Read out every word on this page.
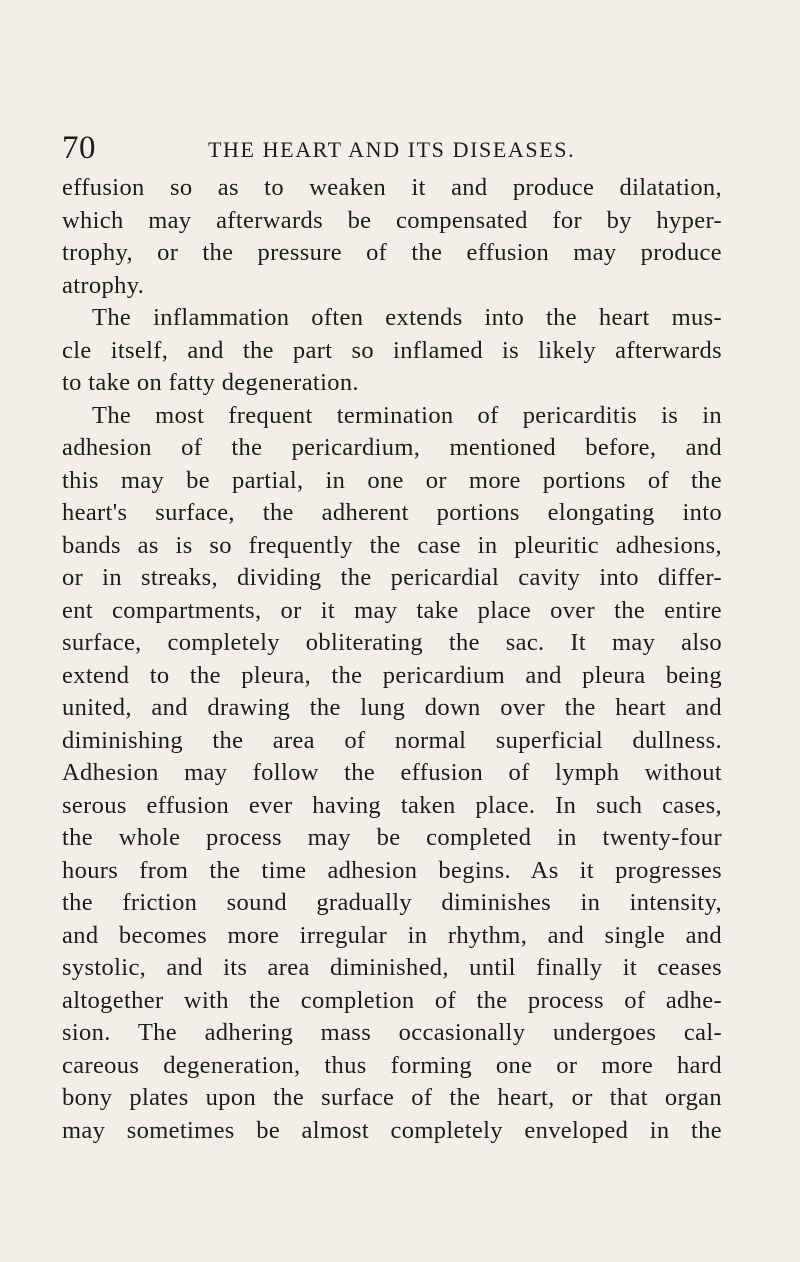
70	THE HEART AND ITS DISEASES.
effusion so as to weaken it and produce dilatation,
which may afterwards be compensated for by hyper-
trophy, or the pressure of the effusion may produce
atrophy.
The inflammation often extends into the heart mus-
cle itself, and the part so inflamed is likely afterwards
to take on fatty degeneration.
The most frequent termination of pericarditis is in
adhesion of the pericardium, mentioned before, and
this may be partial, in one or more portions of the
heart's surface, the adherent portions elongating into
bands as is so frequently the case in pleuritic adhesions,
or in streaks, dividing the pericardial cavity into differ-
ent compartments, or it may take place over the entire
surface, completely obliterating the sac. It may also
extend to the pleura, the pericardium and pleura being
united, and drawing the lung down over the heart and
diminishing the area of normal superficial dullness.
Adhesion may follow the effusion of lymph without
serous effusion ever having taken place. In such cases,
the whole process may be completed in twenty-four
hours from the time adhesion begins. As it progresses
the friction sound gradually diminishes in intensity,
and becomes more irregular in rhythm, and single and
systolic, and its area diminished, until finally it ceases
altogether with the completion of the process of adhe-
sion. The adhering mass occasionally undergoes cal-
careous degeneration, thus forming one or more hard
bony plates upon the surface of the heart, or that organ
may sometimes be almost completely enveloped in the
